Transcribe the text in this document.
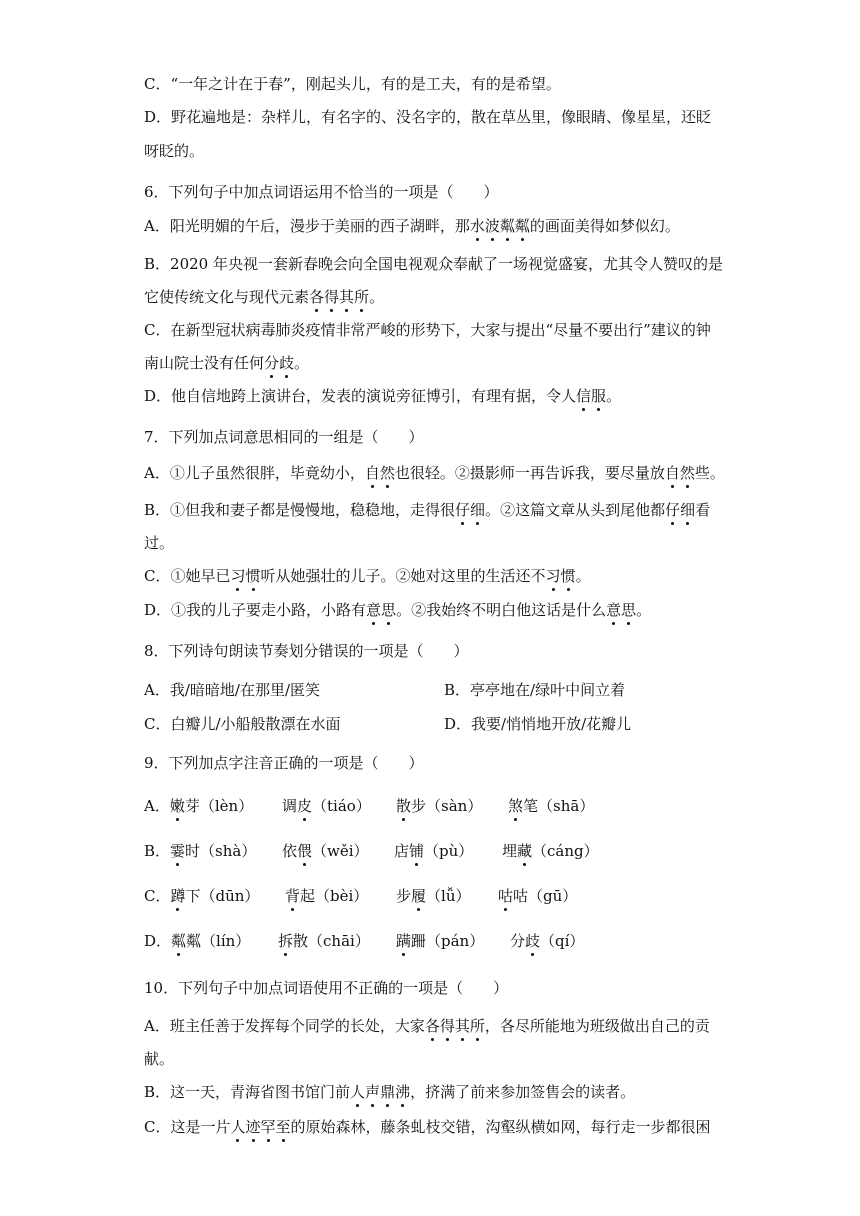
C．“一年之计在于春”，刚起头儿，有的是工夫，有的是希望。
D．野花遍地是：杂样儿，有名字的、没名字的，散在草丛里，像眼睛、像星星，还眨
呀眨的。
6．下列句子中加点词语运用不恰当的一项是（　　）
A．阳光明媚的午后，漫步于美丽的西子湖畔，那水波粼粼的画面美得如梦似幻。
B．2020 年央视一套新春晚会向全国电视观众奉献了一场视觉盛宴，尤其令人赞叹的是
它使传统文化与现代元素各得其所。
C．在新型冠状病毒肺炎疫情非常严峻的形势下，大家与提出“尽量不要出行”建议的钟
南山院士没有任何分歧。
D．他自信地跨上演讲台，发表的演说旁征博引，有理有据，令人信服。
7．下列加点词意思相同的一组是（　　）
A．①儿子虽然很胖，毕竟幼小，自然也很轻。②摄影师一再告诉我，要尽量放自然些。
B．①但我和妻子都是慢慢地，稳稳地，走得很仔细。②这篇文章从头到尾他都仔细看
过。
C．①她早已习惯听从她强壮的儿子。②她对这里的生活还不习惯。
D．①我的儿子要走小路，小路有意思。②我始终不明白他这话是什么意思。
8．下列诗句朗读节奏划分错误的一项是（　　）
A．我/暗暗地/在那里/匿笑	B．亭亭地在/绿叶中间立着
C．白瓣儿/小船般散漂在水面	D．我要/悄悄地开放/花瓣儿
9．下列加点字注音正确的一项是（　　）
A．嫩芽（lèn） 调皮（tiáo） 散步（sàn） 煞笔（shā）
B．霎时（shà） 依偎（wěi） 店铺（pù） 埋藏（cáng）
C．蹲下（dūn） 背起（bèi） 步履（lǚ） 咕咕（gū）
D．粼粼（lín） 拆散（chāi） 蹒跚（pán） 分歧（qí）
10．下列句子中加点词语使用不正确的一项是（　　）
A．班主任善于发挥每个同学的长处，大家各得其所，各尽所能地为班级做出自己的贡
献。
B．这一天，青海省图书馆门前人声鼎沸，挤满了前来参加签售会的读者。
C．这是一片人迹罕至的原始森林，藤条虬枝交错，沟壑纵横如网，每行走一步都很困
